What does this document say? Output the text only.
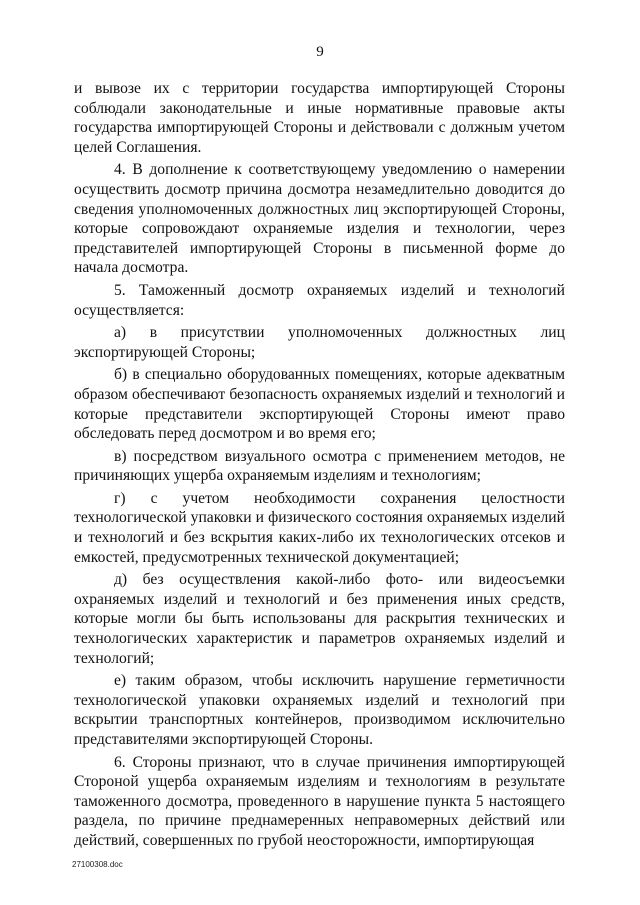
9

и вывозе их с территории государства импортирующей Стороны соблюдали законодательные и иные нормативные правовые акты государства импортирующей Стороны и действовали с должным учетом целей Соглашения.

4. В дополнение к соответствующему уведомлению о намерении осуществить досмотр причина досмотра незамедлительно доводится до сведения уполномоченных должностных лиц экспортирующей Стороны, которые сопровождают охраняемые изделия и технологии, через представителей импортирующей Стороны в письменной форме до начала досмотра.

5. Таможенный досмотр охраняемых изделий и технологий осуществляется:

а) в присутствии уполномоченных должностных лиц экспортирующей Стороны;

б) в специально оборудованных помещениях, которые адекватным образом обеспечивают безопасность охраняемых изделий и технологий и которые представители экспортирующей Стороны имеют право обследовать перед досмотром и во время его;

в) посредством визуального осмотра с применением методов, не причиняющих ущерба охраняемым изделиям и технологиям;

г) с учетом необходимости сохранения целостности технологической упаковки и физического состояния охраняемых изделий и технологий и без вскрытия каких-либо их технологических отсеков и емкостей, предусмотренных технической документацией;

д) без осуществления какой-либо фото- или видеосъемки охраняемых изделий и технологий и без применения иных средств, которые могли бы быть использованы для раскрытия технических и технологических характеристик и параметров охраняемых изделий и технологий;

е) таким образом, чтобы исключить нарушение герметичности технологической упаковки охраняемых изделий и технологий при вскрытии транспортных контейнеров, производимом исключительно представителями экспортирующей Стороны.

6. Стороны признают, что в случае причинения импортирующей Стороной ущерба охраняемым изделиям и технологиям в результате таможенного досмотра, проведенного в нарушение пункта 5 настоящего раздела, по причине преднамеренных неправомерных действий или действий, совершенных по грубой неосторожности, импортирующая

27100308.doc
